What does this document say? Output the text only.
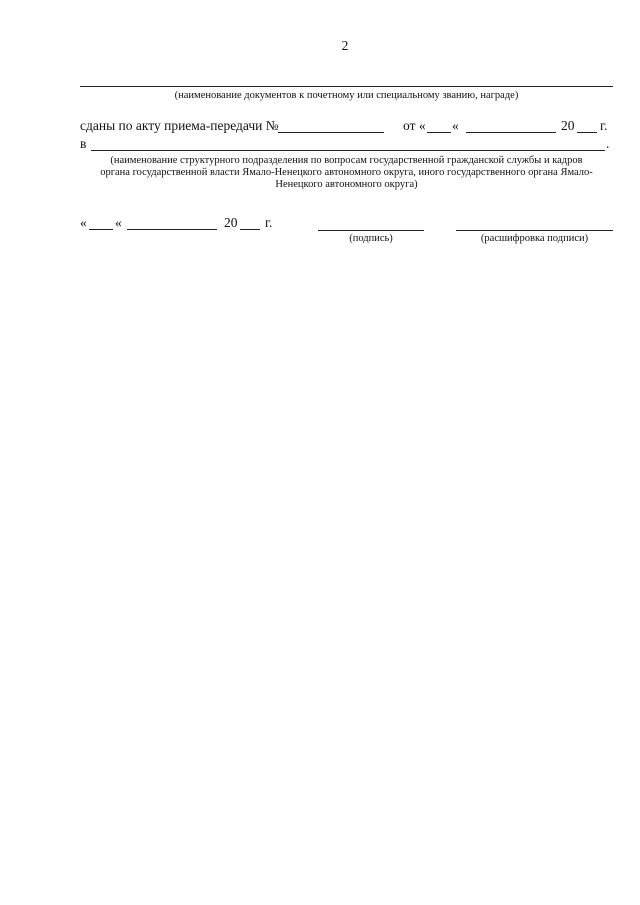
2
(наименование документов к почетному или специальному званию, награде)
сданы по акту приема-передачи №	от « «	20 г.
в	.
(наименование структурного подразделения по вопросам государственной гражданской службы и кадров
органа государственной власти Ямало-Ненецкого автономного округа, иного государственного органа Ямало-
Ненецкого автономного округа)
« «	20 г.
(подпись)	(расшифровка подписи)
